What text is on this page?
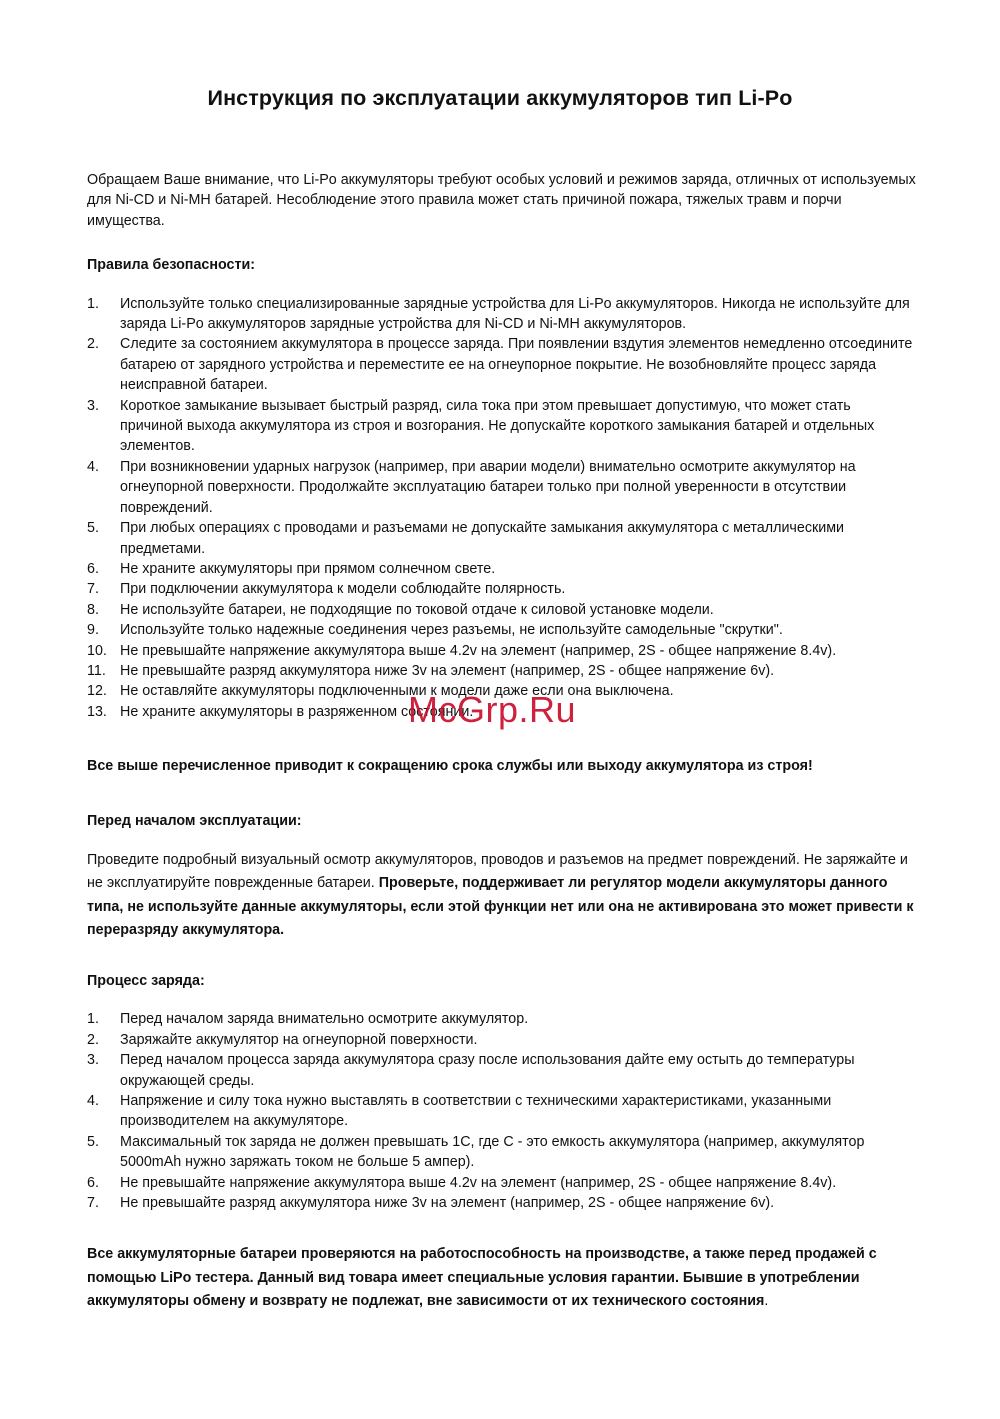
Инструкция по эксплуатации аккумуляторов тип Li-Po

Обращаем Ваше внимание, что Li-Po аккумуляторы требуют особых условий и режимов заряда, отличных от используемых для Ni-CD и Ni-MH батарей. Несоблюдение этого правила может стать причиной пожара, тяжелых травм и порчи имущества.

Правила безопасности:

1. Используйте только специализированные зарядные устройства для Li-Po аккумуляторов. Никогда не используйте для заряда Li-Po аккумуляторов зарядные устройства для Ni-CD и Ni-MH аккумуляторов.
2. Следите за состоянием аккумулятора в процессе заряда. При появлении вздутия элементов немедленно отсоедините батарею от зарядного устройства и переместите ее на огнеупорное покрытие. Не возобновляйте процесс заряда неисправной батареи.
3. Короткое замыкание вызывает быстрый разряд, сила тока при этом превышает допустимую, что может стать причиной выхода аккумулятора из строя и возгорания. Не допускайте короткого замыкания батарей и отдельных элементов.
4. При возникновении ударных нагрузок (например, при аварии модели) внимательно осмотрите аккумулятор на огнеупорной поверхности. Продолжайте эксплуатацию батареи только при полной уверенности в отсутствии повреждений.
5. При любых операциях с проводами и разъемами не допускайте замыкания аккумулятора с металлическими предметами.
6. Не храните аккумуляторы при прямом солнечном свете.
7. При подключении аккумулятора к модели соблюдайте полярность.
8. Не используйте батареи, не подходящие по токовой отдаче к силовой установке модели.
9. Используйте только надежные соединения через разъемы, не используйте самодельные "скрутки".
10. Не превышайте напряжение аккумулятора выше 4.2v на элемент (например, 2S - общее напряжение 8.4v).
11. Не превышайте разряд аккумулятора ниже 3v на элемент (например, 2S - общее напряжение 6v).
12. Не оставляйте аккумуляторы подключенными к модели даже если она выключена.
13. Не храните аккумуляторы в разряженном состоянии.

Все выше перечисленное приводит к сокращению срока службы или выходу аккумулятора из строя!

Перед началом эксплуатации:

Проведите подробный визуальный осмотр аккумуляторов, проводов и разъемов на предмет повреждений. Не заряжайте и не эксплуатируйте поврежденные батареи. Проверьте, поддерживает ли регулятор модели аккумуляторы данного типа, не используйте данные аккумуляторы, если этой функции нет или она не активирована это может привести к переразряду аккумулятора.

Процесс заряда:

1. Перед началом заряда внимательно осмотрите аккумулятор.
2. Заряжайте аккумулятор на огнеупорной поверхности.
3. Перед началом процесса заряда аккумулятора сразу после использования дайте ему остыть до температуры окружающей среды.
4. Напряжение и силу тока нужно выставлять в соответствии с техническими характеристиками, указанными производителем на аккумуляторе.
5. Максимальный ток заряда не должен превышать 1С, где С - это емкость аккумулятора (например, аккумулятор 5000mAh нужно заряжать током не больше 5 ампер).
6. Не превышайте напряжение аккумулятора выше 4.2v на элемент (например, 2S - общее напряжение 8.4v).
7. Не превышайте разряд аккумулятора ниже 3v на элемент (например, 2S - общее напряжение 6v).

Все аккумуляторные батареи проверяются на работоспособность на производстве, а также перед продажей с помощью LiPo тестера. Данный вид товара имеет специальные условия гарантии. Бывшие в употреблении аккумуляторы обмену и возврату не подлежат, вне зависимости от их технического состояния.

McGrp.Ru
